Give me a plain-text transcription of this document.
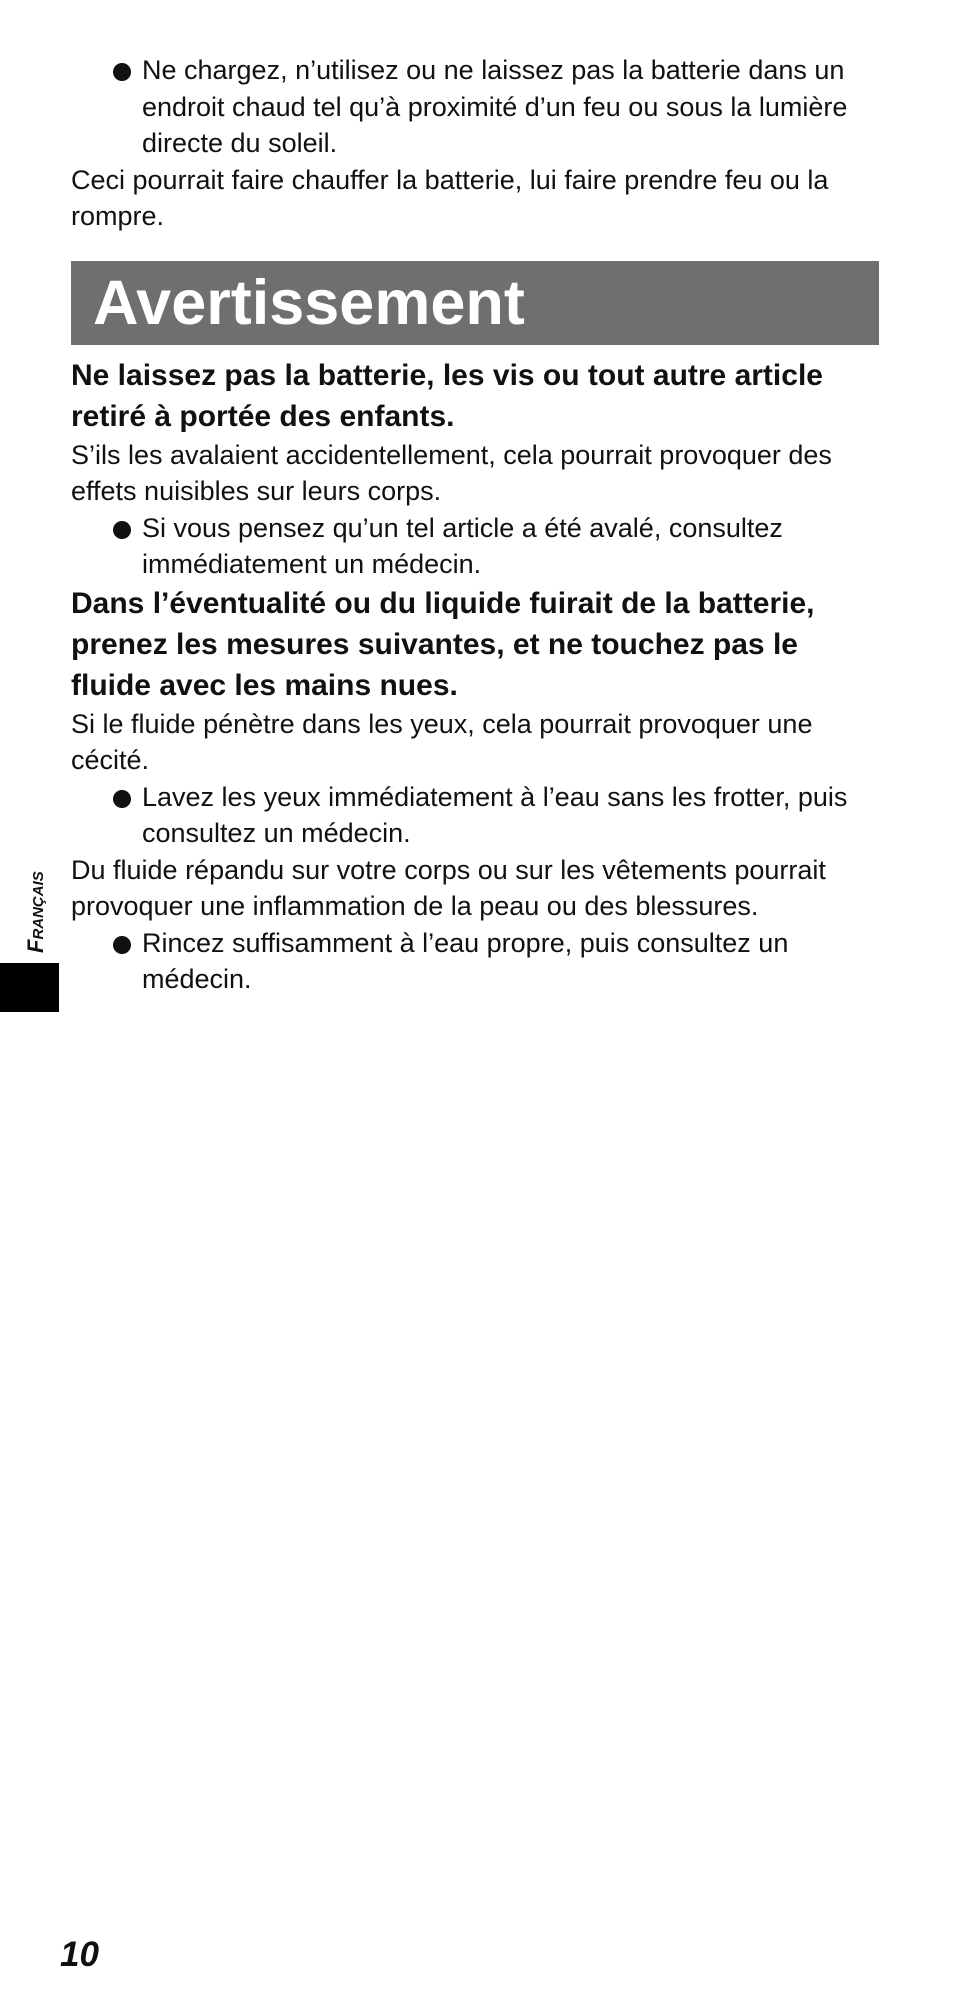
Ne chargez, n’utilisez ou ne laissez pas la batterie dans un endroit chaud tel qu’à proximité d’un feu ou sous la lumière directe du soleil.

Ceci pourrait faire chauffer la batterie, lui faire prendre feu ou la rompre.

Avertissement

Ne laissez pas la batterie, les vis ou tout autre article retiré à portée des enfants.

S’ils les avalaient accidentellement, cela pourrait provoquer des effets nuisibles sur leurs corps.

Si vous pensez qu’un tel article a été avalé, consultez immédiatement un médecin.

Dans l’éventualité ou du liquide fuirait de la batterie, prenez les mesures suivantes, et ne touchez pas le fluide avec les mains nues.

Si le fluide pénètre dans les yeux, cela pourrait provoquer une cécité.

Lavez les yeux immédiatement à l’eau sans les frotter, puis consultez un médecin.

Du fluide répandu sur votre corps ou sur les vêtements pourrait provoquer une inflammation de la peau ou des blessures.

Rincez suffisamment à l’eau propre, puis consultez un médecin.

Français
10
